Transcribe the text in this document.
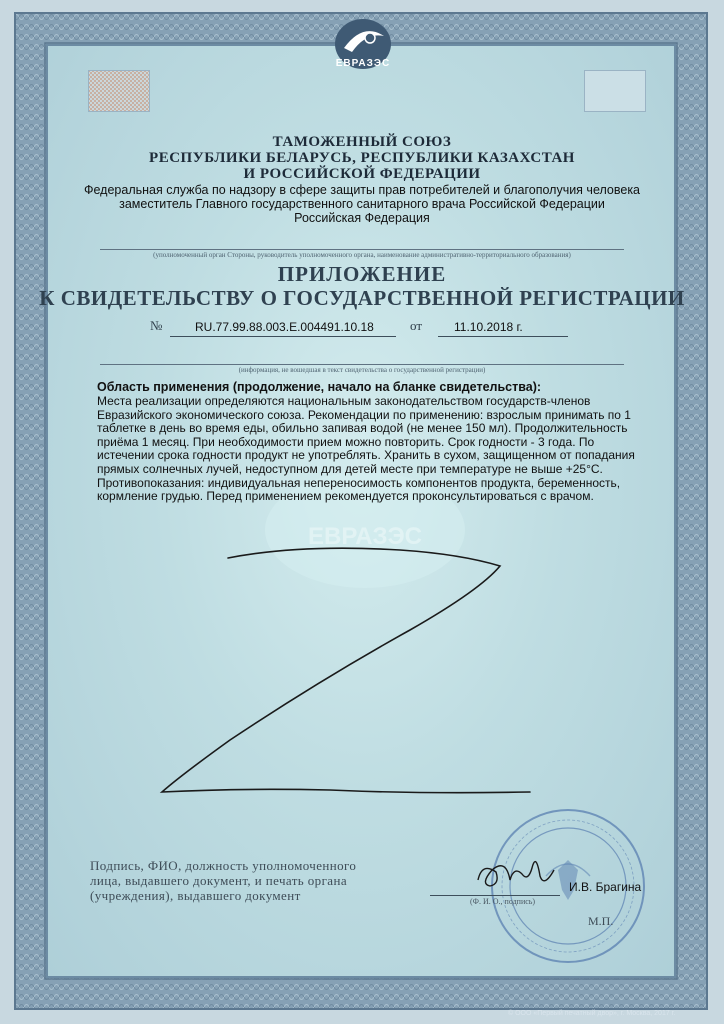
ЕВРАЗЭС
ТАМОЖЕННЫЙ СОЮЗ
РЕСПУБЛИКИ БЕЛАРУСЬ, РЕСПУБЛИКИ КАЗАХСТАН
И РОССИЙСКОЙ ФЕДЕРАЦИИ
Федеральная служба по надзору в сфере защиты прав потребителей и благополучия человека
заместитель Главного государственного санитарного врача Российской Федерации
Российская Федерация
(уполномоченный орган Стороны, руководитель уполномоченного органа, наименование административно-территориального образования)
ПРИЛОЖЕНИЕ
К СВИДЕТЕЛЬСТВУ О ГОСУДАРСТВЕННОЙ РЕГИСТРАЦИИ
№	RU.77.99.88.003.E.004491.10.18	от	11.10.2018 г.
(информация, не вошедшая в текст свидетельства о государственной регистрации)
ЕВРАЗЭС
Область применения (продолжение, начало на бланке свидетельства):

Места реализации определяются национальным законодательством государств-членов Евразийского экономического союза. Рекомендации по применению: взрослым принимать по 1 таблетке в день во время еды, обильно запивая водой (не менее 150 мл). Продолжительность приёма 1 месяц. При необходимости прием можно повторить. Срок годности - 3 года. По истечении срока годности продукт не употреблять. Хранить в сухом, защищенном от попадания прямых солнечных лучей, недоступном для детей месте при температуре не выше +25°С. Противопоказания: индивидуальная непереносимость компонентов продукта, беременность, кормление грудью. Перед применением рекомендуется проконсультироваться с врачом.

Подпись, ФИО, должность уполномоченного лица, выдавшего документ, и печать органа (учреждения), выдавшего документ
И.В. Брагина
(Ф. И. О., подпись)
М.П.
© ООО «Первый печатный двор», г. Москва, 2017 г.
